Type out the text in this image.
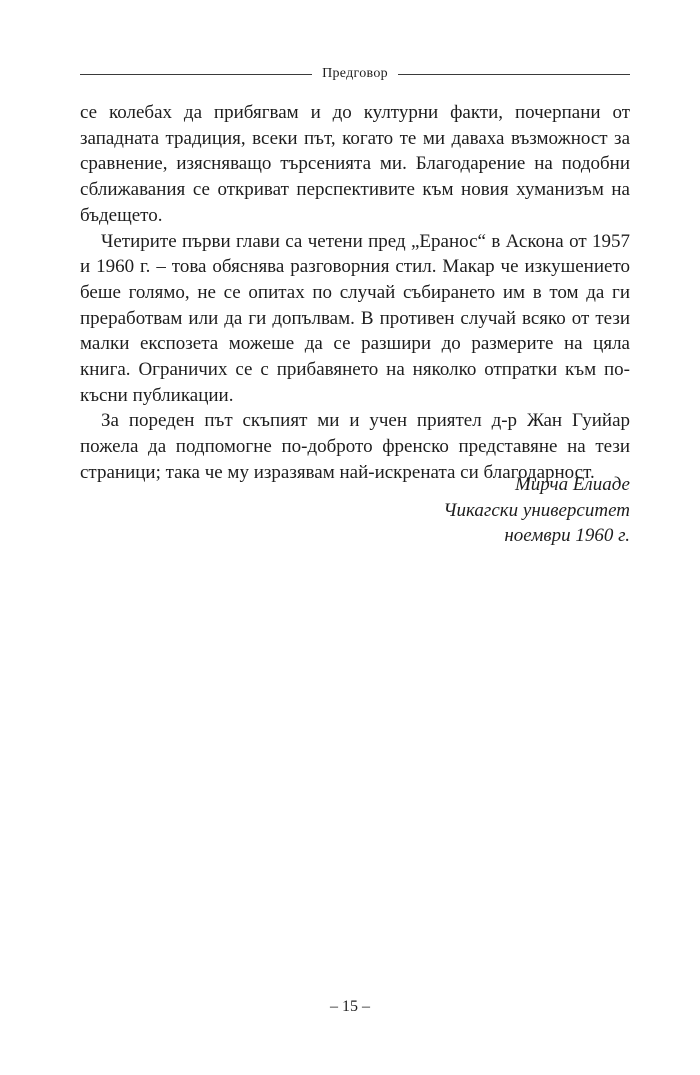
Предговор

се колебах да прибягвам и до културни факти, почерпани от западната традиция, всеки път, когато те ми даваха възможност за сравнение, изясняващо търсенията ми. Благодарение на подобни сближавания се откриват перспективите към новия хуманизъм на бъдещето.

Четирите първи глави са четени пред „Еранос“ в Аскона от 1957 и 1960 г. – това обяснява разговорния стил. Макар че изкушението беше голямо, не се опитах по случай събирането им в том да ги преработвам или да ги допълвам. В противен случай всяко от тези малки експозета можеше да се разшири до размерите на цяла книга. Ограничих се с прибавянето на няколко отпратки към по-късни публикации.

За пореден път скъпият ми и учен приятел д-р Жан Гуийар пожела да подпомогне по-доброто френско представяне на тези страници; така че му изразявам най-искрената си благодарност.

Мирча Елиаде
Чикагски университет
ноември 1960 г.
– 15 –
